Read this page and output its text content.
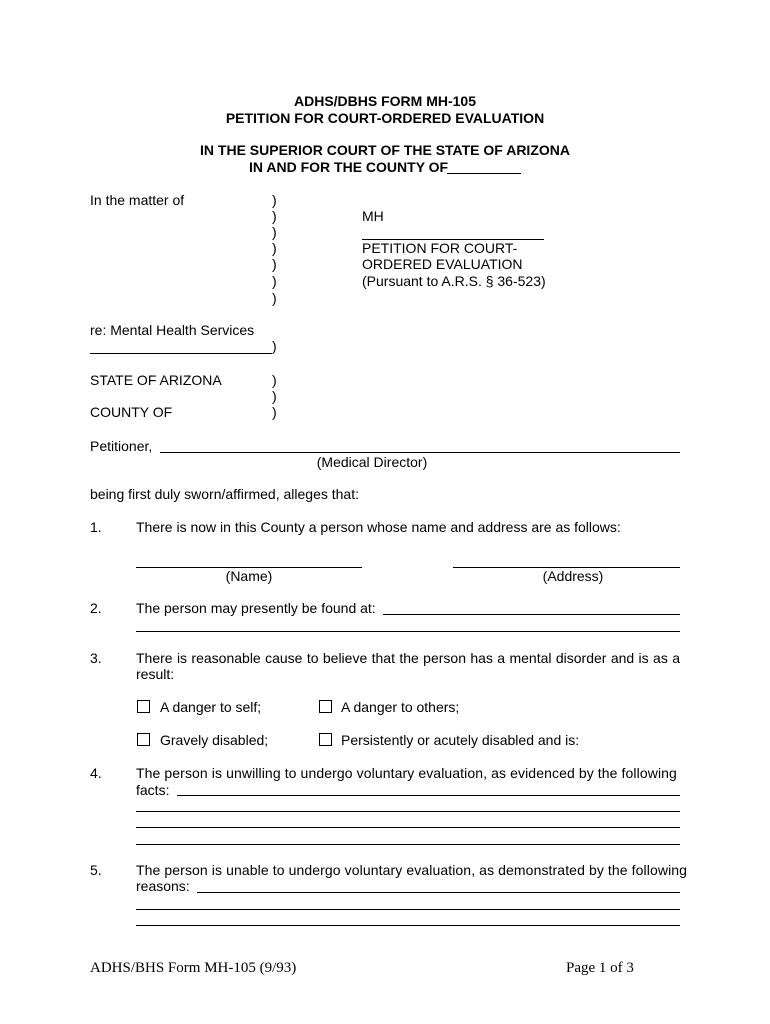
ADHS/DBHS FORM MH-105
PETITION FOR COURT-ORDERED EVALUATION
IN THE SUPERIOR COURT OF THE STATE OF ARIZONA
IN AND FOR THE COUNTY OF
In the matter of	)
)
)
)
)
)
)
MH
PETITION FOR COURT-
ORDERED EVALUATION
(Pursuant to A.R.S. § 36-523)
re: Mental Health Services
)
STATE OF ARIZONA	)
)
)
COUNTY OF
Petitioner,
(Medical Director)
being first duly sworn/affirmed, alleges that:
1. There is now in this County a person whose name and address are as follows:
(Name)	(Address)
2. The person may presently be found at:
3. There is reasonable cause to believe that the person has a mental disorder and is as a result:
A danger to self;	A danger to others;
Gravely disabled;	Persistently or acutely disabled and is:
4. The person is unwilling to undergo voluntary evaluation, as evidenced by the following
facts:
5. The person is unable to undergo voluntary evaluation, as demonstrated by the following
reasons:
ADHS/BHS Form MH-105 (9/93)	Page 1 of 3
